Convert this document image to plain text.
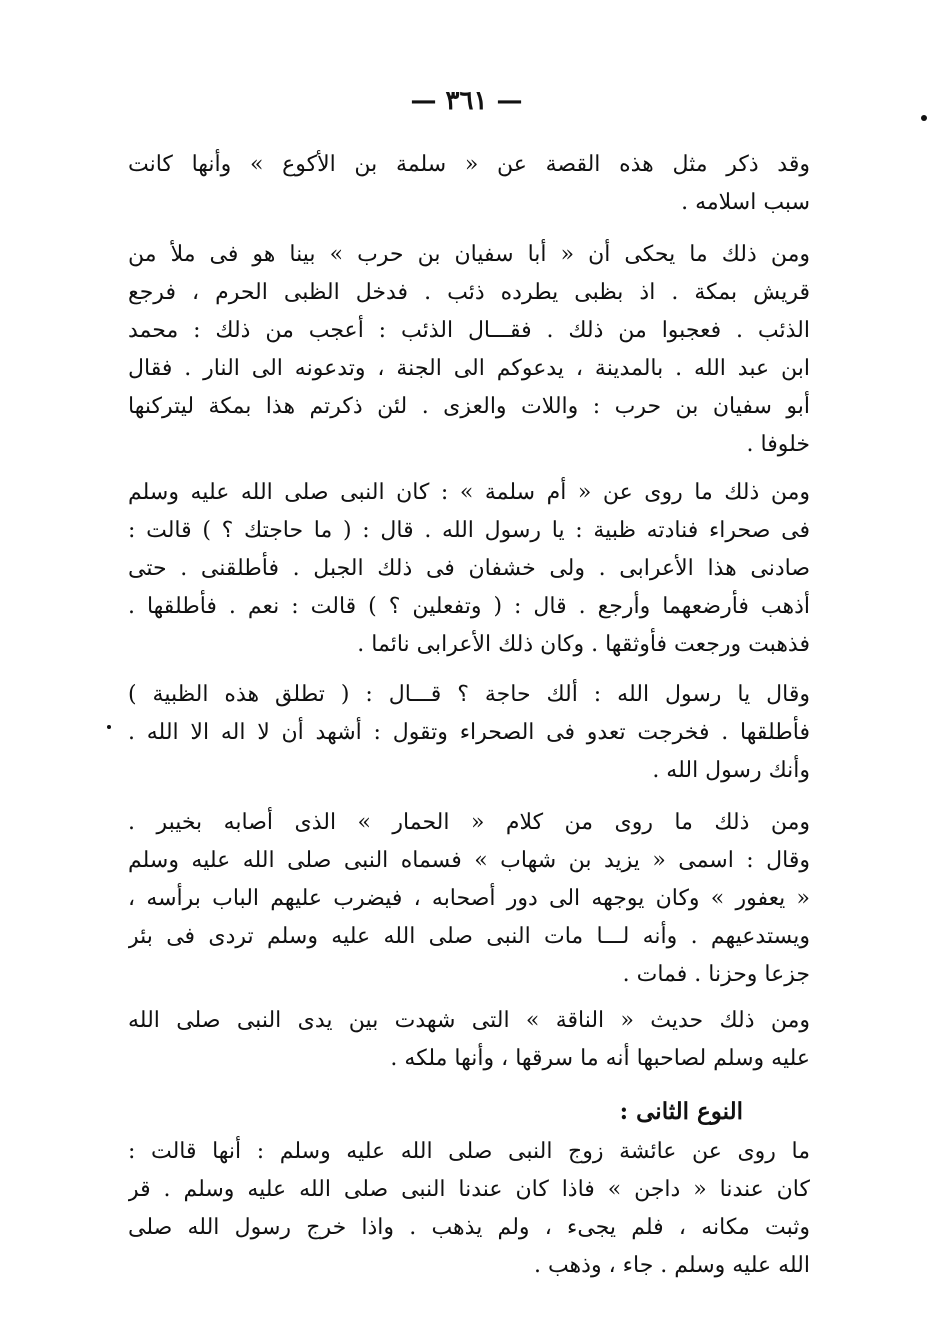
— ٣٦١ —
وقد ذكر مثل هذه القصة عن « سلمة بن الأكوع » وأنها كانت
سبب اسلامه .
ومن ذلك ما يحكى أن « أبا سفيان بن حرب » بينا هو فى ملأ من
قريش بمكة . اذ بظبى يطرده ذئب . فدخل الظبى الحرم ، فرجع
الذئب . فعجبوا من ذلك . فقـــال الذئب : أعجب من ذلك : محمد
ابن عبد الله . بالمدينة ، يدعوكم الى الجنة ، وتدعونه الى النار . فقال
أبو سفيان بن حرب : واللات والعزى . لئن ذكرتم هذا بمكة ليتركنها
خلوفا .
ومن ذلك ما روى عن « أم سلمة » : كان النبى صلى الله عليه وسلم
فى صحراء فنادته ظبية : يا رسول الله . قال : ( ما حاجتك ؟ ) قالت :
صادنى هذا الأعرابى . ولى خشفان فى ذلك الجبل . فأطلقنى . حتى
أذهب فأرضعهما وأرجع . قال : ( وتفعلين ؟ ) قالت : نعم . فأطلقها .
فذهبت ورجعت فأوثقها . وكان ذلك الأعرابى نائما .
وقال يا رسول الله : ألك حاجة ؟ قـــال : ( تطلق هذه الظبية )
فأطلقها . فخرجت تعدو فى الصحراء وتقول : أشهد أن لا اله الا الله .
وأنك رسول الله .
ومن ذلك ما روى من كلام « الحمار » الذى أصابه بخيبر .
وقال : اسمى « يزيد بن شهاب » فسماه النبى صلى الله عليه وسلم
« يعفور » وكان يوجهه الى دور أصحابه ، فيضرب عليهم الباب برأسه ،
ويستدعيهم . وأنه لـــا مات النبى صلى الله عليه وسلم تردى فى بئر
جزعا وحزنا . فمات .
ومن ذلك حديث « الناقة » التى شهدت بين يدى النبى صلى الله
عليه وسلم لصاحبها أنه ما سرقها ، وأنها ملكه .
النوع الثانى :
ما روى عن عائشة زوج النبى صلى الله عليه وسلم : أنها قالت :
كان عندنا « داجن » فاذا كان عندنا النبى صلى الله عليه وسلم . قر
وثبت مكانه ، فلم يجىء ، ولم يذهب . واذا خرج رسول الله صلى
الله عليه وسلم . جاء ، وذهب .
